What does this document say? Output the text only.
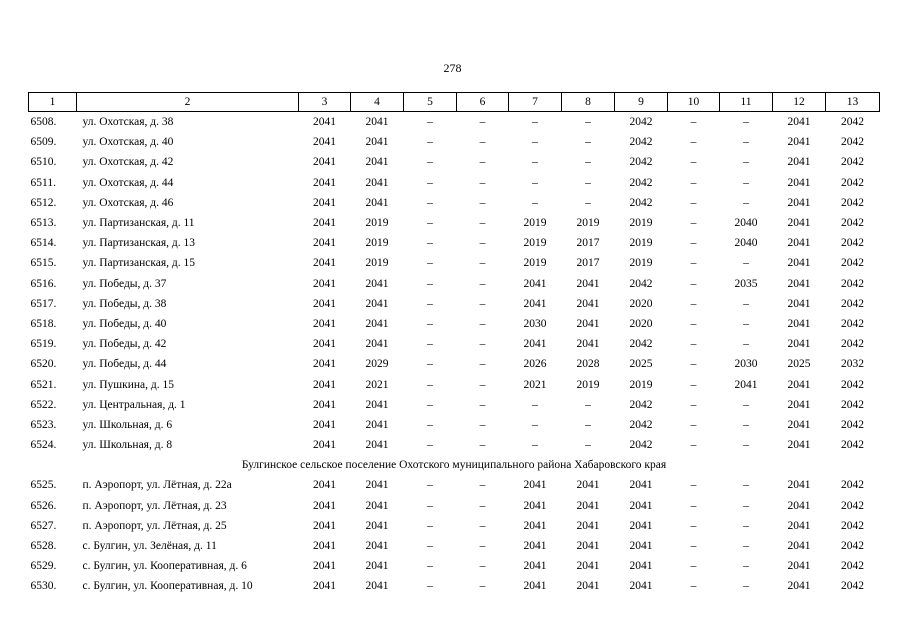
278
1	2	3	4	5	6	7	8	9	10	11	12	13
6508.	ул. Охотская, д. 38	2041	2041	–	–	–	–	2042	–	–	2041	2042
6509.	ул. Охотская, д. 40	2041	2041	–	–	–	–	2042	–	–	2041	2042
6510.	ул. Охотская, д. 42	2041	2041	–	–	–	–	2042	–	–	2041	2042
6511.	ул. Охотская, д. 44	2041	2041	–	–	–	–	2042	–	–	2041	2042
6512.	ул. Охотская, д. 46	2041	2041	–	–	–	–	2042	–	–	2041	2042
6513.	ул. Партизанская, д. 11	2041	2019	–	–	2019	2019	2019	–	2040	2041	2042
6514.	ул. Партизанская, д. 13	2041	2019	–	–	2019	2017	2019	–	2040	2041	2042
6515.	ул. Партизанская, д. 15	2041	2019	–	–	2019	2017	2019	–	–	2041	2042
6516.	ул. Победы, д. 37	2041	2041	–	–	2041	2041	2042	–	2035	2041	2042
6517.	ул. Победы, д. 38	2041	2041	–	–	2041	2041	2020	–	–	2041	2042
6518.	ул. Победы, д. 40	2041	2041	–	–	2030	2041	2020	–	–	2041	2042
6519.	ул. Победы, д. 42	2041	2041	–	–	2041	2041	2042	–	–	2041	2042
6520.	ул. Победы, д. 44	2041	2029	–	–	2026	2028	2025	–	2030	2025	2032
6521.	ул. Пушкина, д. 15	2041	2021	–	–	2021	2019	2019	–	2041	2041	2042
6522.	ул. Центральная, д. 1	2041	2041	–	–	–	–	2042	–	–	2041	2042
6523.	ул. Школьная, д. 6	2041	2041	–	–	–	–	2042	–	–	2041	2042
6524.	ул. Школьная, д. 8	2041	2041	–	–	–	–	2042	–	–	2041	2042
Булгинское сельское поселение Охотского муниципального района Хабаровского края												
6525.	п. Аэропорт, ул. Лётная, д. 22а	2041	2041	–	–	2041	2041	2041	–	–	2041	2042
6526.	п. Аэропорт, ул. Лётная, д. 23	2041	2041	–	–	2041	2041	2041	–	–	2041	2042
6527.	п. Аэропорт, ул. Лётная, д. 25	2041	2041	–	–	2041	2041	2041	–	–	2041	2042
6528.	с. Булгин, ул. Зелёная, д. 11	2041	2041	–	–	2041	2041	2041	–	–	2041	2042
6529.	с. Булгин, ул. Кооперативная, д. 6	2041	2041	–	–	2041	2041	2041	–	–	2041	2042
6530.	с. Булгин, ул. Кооперативная, д. 10	2041	2041	–	–	2041	2041	2041	–	–	2041	2042
